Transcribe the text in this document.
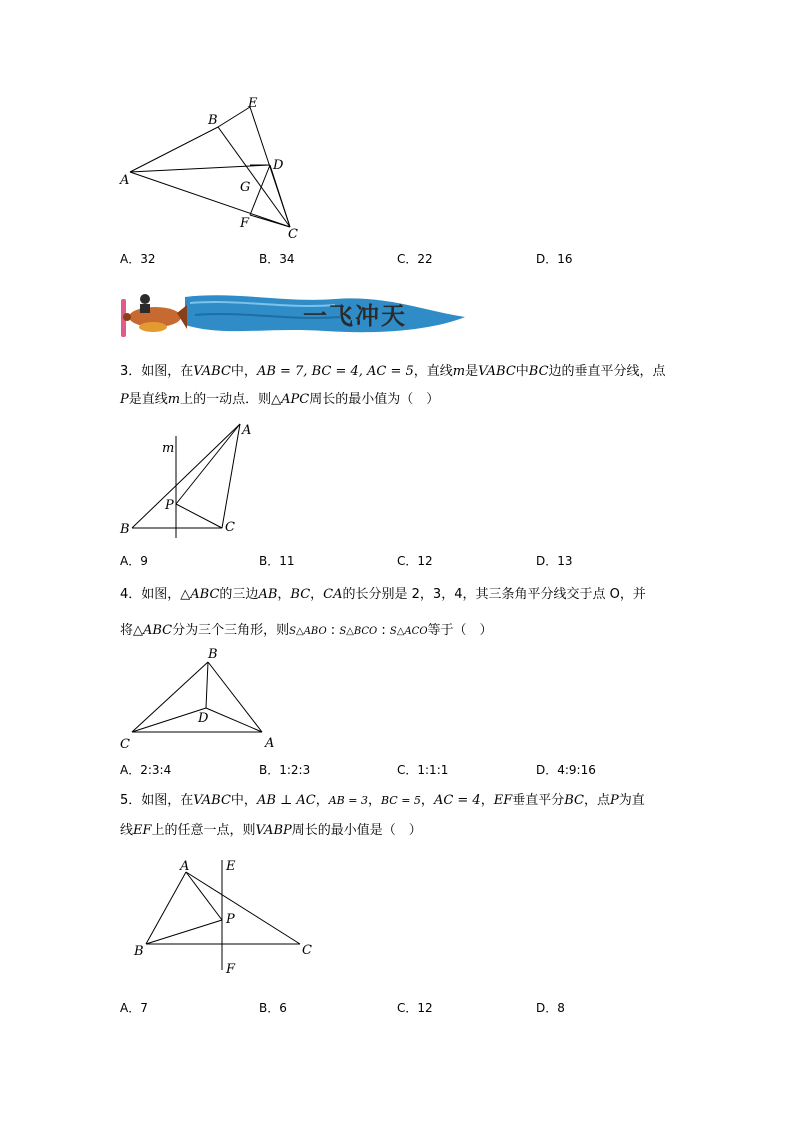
E
B
A
D
G
F
C
A．32	B．34	C．22	D．16
一飞冲天
3．如图，在VABC中，AB = 7, BC = 4, AC = 5，直线m是VABC中BC边的垂直平分线，点
P是直线m上的一动点．则△APC周长的最小值为（　）
m
A
P
B	C
A．9	B．11	C．12	D．13
4．如图，△ABC的三边AB，BC，CA的长分别是 2，3，4，其三条角平分线交于点 O，并
将△ABC分为三个三角形，则S△ABO : S△BCO : S△ACO等于（　）
B
D
C	A
A．2:3:4	B．1:2:3	C．1:1:1	D．4:9:16
5．如图，在VABC中，AB ⊥ AC，AB = 3，BC = 5，AC = 4，EF垂直平分BC，点P为直
线EF上的任意一点，则VABP周长的最小值是（　）
A	E
P
B	C
F
A．7	B．6	C．12	D．8
